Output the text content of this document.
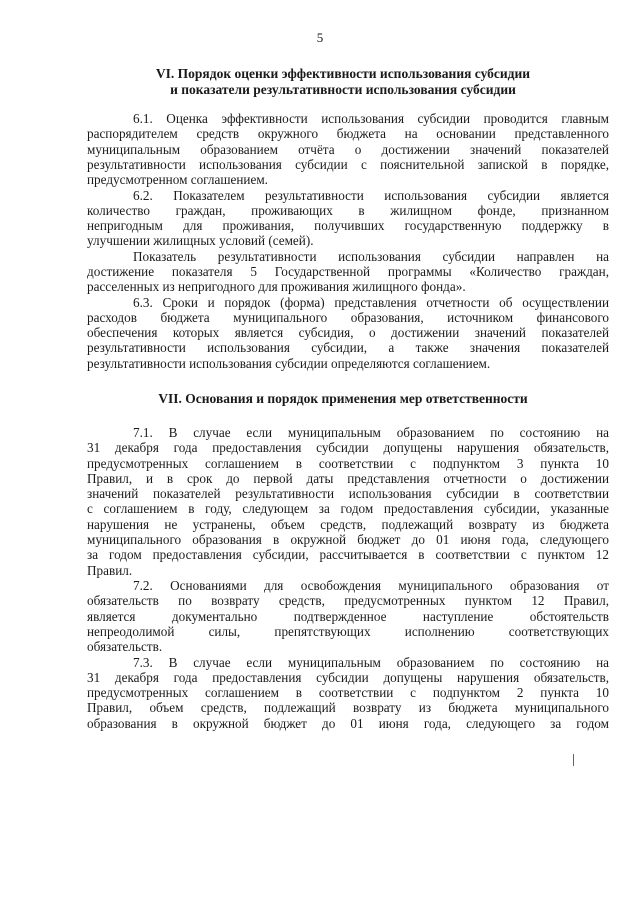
5
VI. Порядок оценки эффективности использования субсидии
и показатели результативности использования субсидии
6.1. Оценка эффективности использования субсидии проводится главным
распорядителем средств окружного бюджета на основании представленного
муниципальным образованием отчёта о достижении значений показателей
результативности использования субсидии с пояснительной запиской в порядке,
предусмотренном соглашением.
6.2. Показателем результативности использования субсидии является
количество граждан, проживающих в жилищном фонде, признанном
непригодным для проживания, получивших государственную поддержку в
улучшении жилищных условий (семей).
Показатель результативности использования субсидии направлен на
достижение показателя 5 Государственной программы «Количество граждан,
расселенных из непригодного для проживания жилищного фонда».
6.3. Сроки и порядок (форма) представления отчетности об осуществлении
расходов бюджета муниципального образования, источником финансового
обеспечения которых является субсидия, о достижении значений показателей
результативности использования субсидии, а также значения показателей
результативности использования субсидии определяются соглашением.
VII. Основания и порядок применения мер ответственности
7.1. В случае если муниципальным образованием по состоянию на
31 декабря года предоставления субсидии допущены нарушения обязательств,
предусмотренных соглашением в соответствии с подпунктом 3 пункта 10
Правил, и в срок до первой даты представления отчетности о достижении
значений показателей результативности использования субсидии в соответствии
с соглашением в году, следующем за годом предоставления субсидии, указанные
нарушения не устранены, объем средств, подлежащий возврату из бюджета
муниципального образования в окружной бюджет до 01 июня года, следующего
за годом предоставления субсидии, рассчитывается в соответствии с пунктом 12
Правил.
7.2. Основаниями для освобождения муниципального образования от
обязательств по возврату средств, предусмотренных пунктом 12 Правил,
является документально подтвержденное наступление обстоятельств
непреодолимой силы, препятствующих исполнению соответствующих
обязательств.
7.3. В случае если муниципальным образованием по состоянию на
31 декабря года предоставления субсидии допущены нарушения обязательств,
предусмотренных соглашением в соответствии с подпунктом 2 пункта 10
Правил, объем средств, подлежащий возврату из бюджета муниципального
образования в окружной бюджет до 01 июня года, следующего за годом
